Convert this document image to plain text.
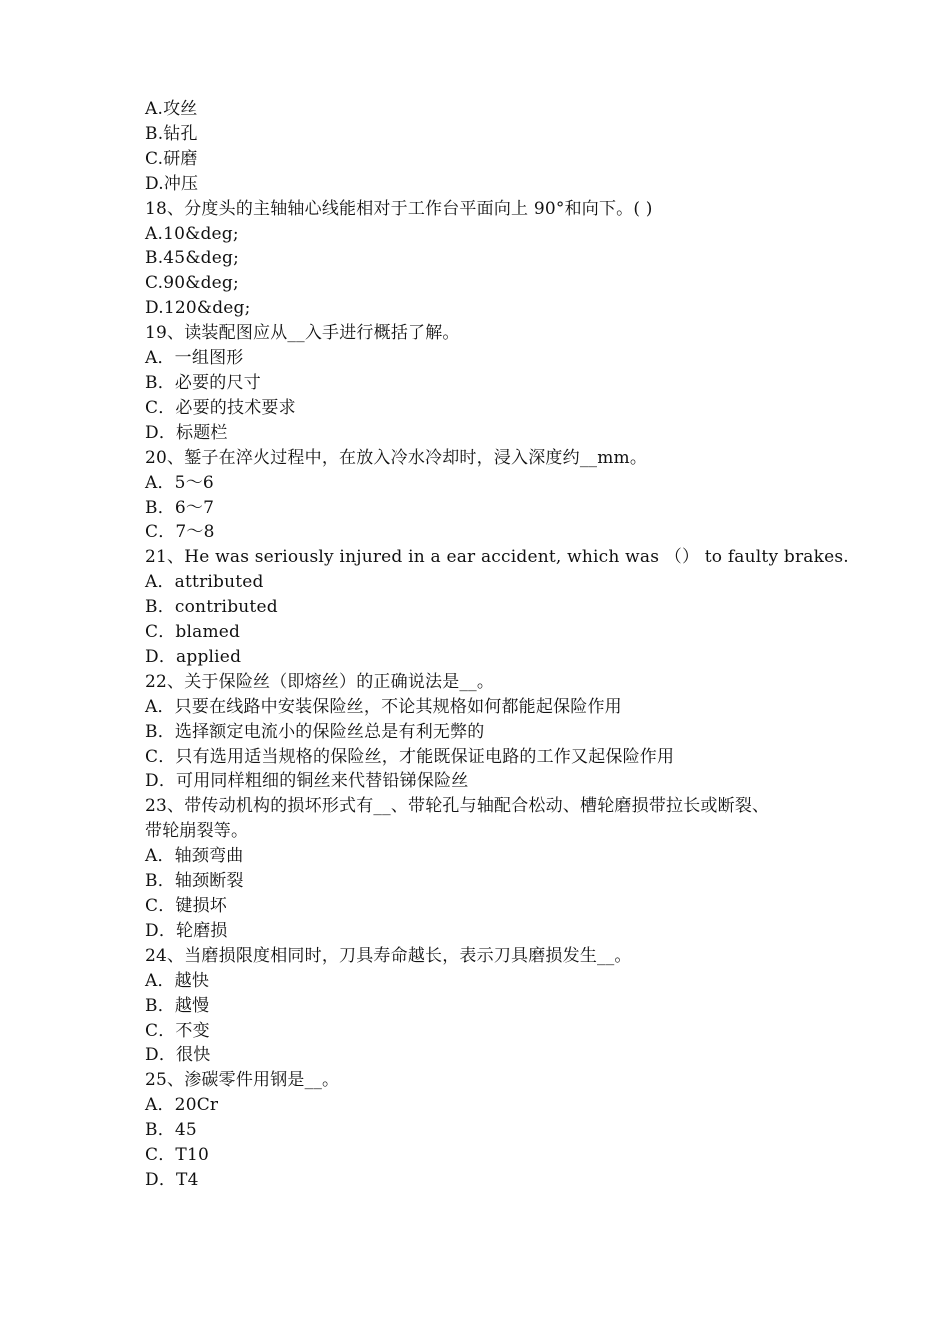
A.攻丝
B.钻孔
C.研磨
D.冲压
18、分度头的主轴轴心线能相对于工作台平面向上 90°和向下。( )
A.10&deg;
B.45&deg;
C.90&deg;
D.120&deg;
19、读装配图应从__入手进行概括了解。
A．一组图形
B．必要的尺寸
C．必要的技术要求
D．标题栏
20、錾子在淬火过程中，在放入冷水冷却时，浸入深度约__mm。
A．5～6
B．6～7
C．7～8
21、He was seriously injured in a ear accident, which was （） to faulty brakes.
A．attributed
B．contributed
C．blamed
D．applied
22、关于保险丝（即熔丝）的正确说法是__。
A．只要在线路中安装保险丝，不论其规格如何都能起保险作用
B．选择额定电流小的保险丝总是有利无弊的
C．只有选用适当规格的保险丝，才能既保证电路的工作又起保险作用
D．可用同样粗细的铜丝来代替铅锑保险丝
23、带传动机构的损坏形式有__、带轮孔与轴配合松动、槽轮磨损带拉长或断裂、
带轮崩裂等。
A．轴颈弯曲
B．轴颈断裂
C．键损坏
D．轮磨损
24、当磨损限度相同时，刀具寿命越长，表示刀具磨损发生__。
A．越快
B．越慢
C．不变
D．很快
25、渗碳零件用钢是__。
A．20Cr
B．45
C．T10
D．T4
